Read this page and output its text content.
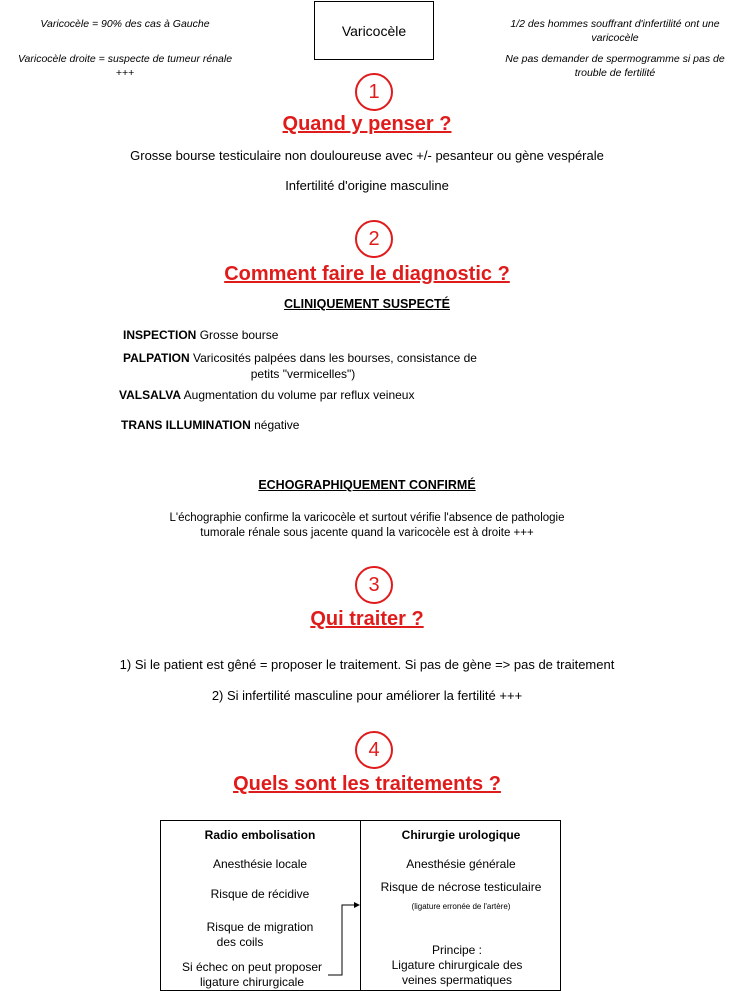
Varicocèle = 90% des cas à Gauche
Varicocèle droite = suspecte de tumeur rénale +++
1/2 des hommes souffrant d'infertilité ont une varicocèle
Ne pas demander de spermogramme si pas de trouble de fertilité
Varicocèle
1
Quand y penser ?
Grosse bourse testiculaire non douloureuse avec +/- pesanteur ou gène vespérale
Infertilité d'origine masculine
2
Comment faire le diagnostic ?
CLINIQUEMENT SUSPECTÉ
INSPECTION Grosse bourse
PALPATION Varicosités palpées dans les bourses, consistance de
petits "vermicelles")
VALSALVA Augmentation du volume par reflux veineux
TRANS ILLUMINATION négative
ECHOGRAPHIQUEMENT CONFIRMÉ
L'échographie confirme la varicocèle et surtout vérifie l'absence de pathologie
tumorale rénale sous jacente quand la varicocèle est à droite +++
3
Qui traiter ?
1) Si le patient est gêné = proposer le traitement. Si pas de gène => pas de traitement
2) Si infertilité masculine pour améliorer la fertilité +++
4
Quels sont les traitements ?
Radio embolisation
Anesthésie locale
Risque de récidive
Risque de migration
des coils
Si échec on peut proposer
ligature chirurgicale
Chirurgie urologique
Anesthésie générale
Risque de nécrose testiculaire
(ligature erronée de l'artère)
Principe :
Ligature chirurgicale des
veines spermatiques
